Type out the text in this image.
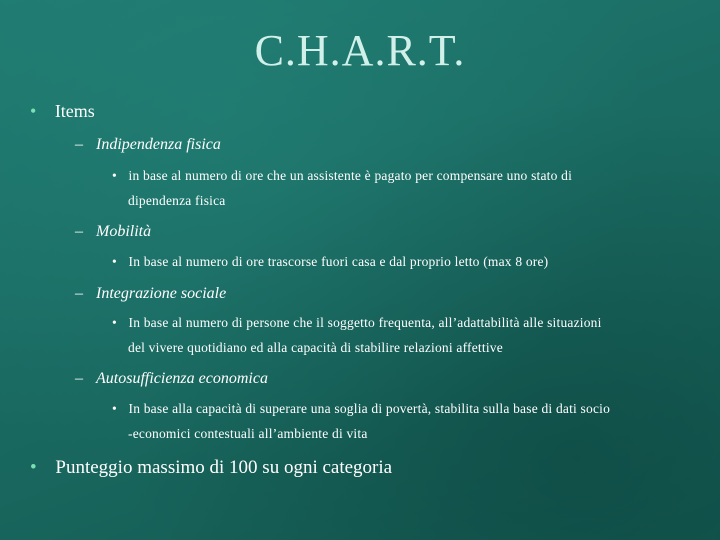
C.H.A.R.T.
• Items
– Indipendenza fisica
• in base al numero di ore che un assistente è pagato per compensare uno stato di
dipendenza fisica
– Mobilità
• In base al numero di ore trascorse fuori casa e dal proprio letto (max 8 ore)
– Integrazione sociale
• In base al numero di persone che il soggetto frequenta, all’adattabilità alle situazioni
del vivere quotidiano ed alla capacità di stabilire relazioni affettive
– Autosufficienza economica
• In base alla capacità di superare una soglia di povertà, stabilita sulla base di dati socio
-economici contestuali all’ambiente di vita
• Punteggio massimo di 100 su ogni categoria
